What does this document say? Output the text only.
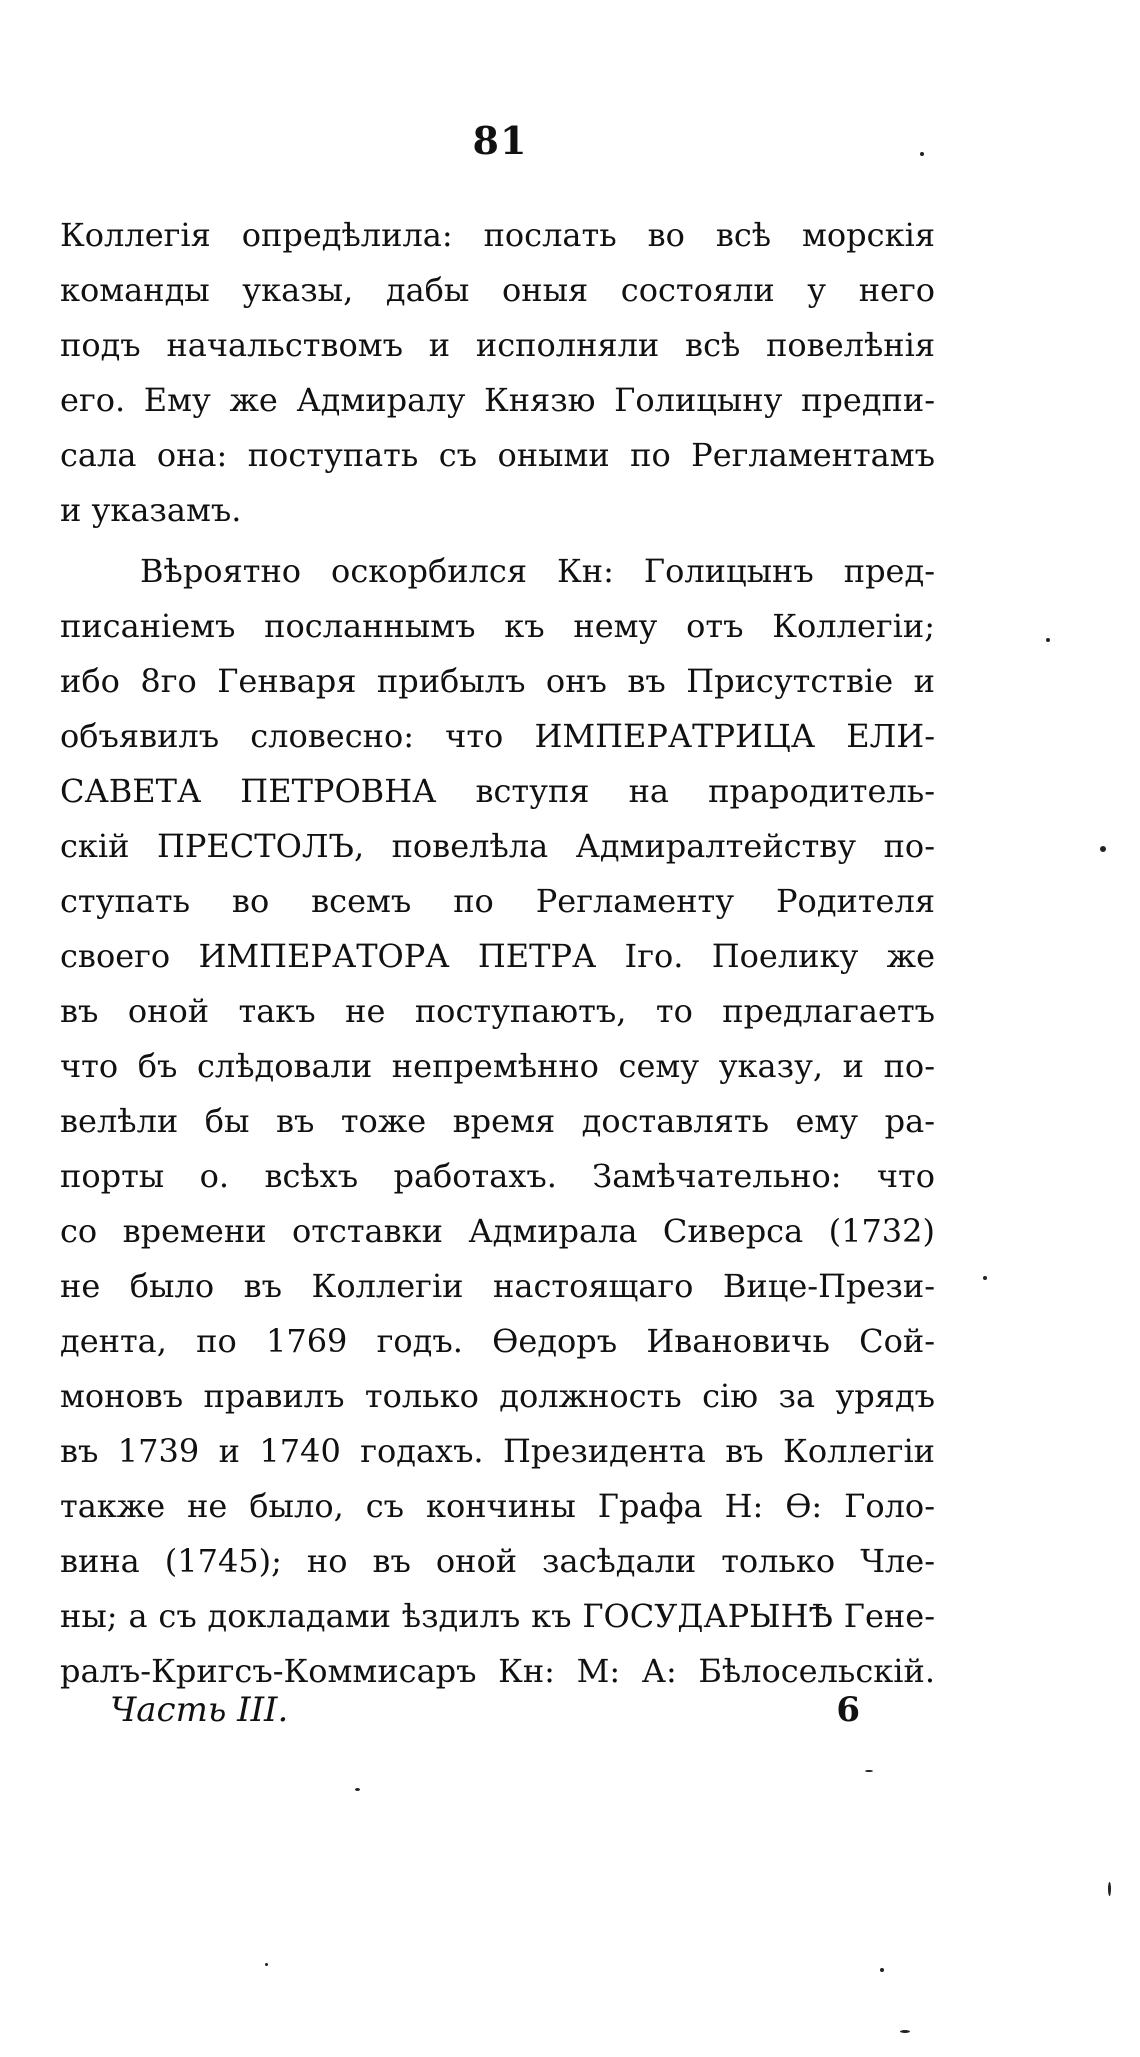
81
Коллегія опредѣлила: послать во всѣ морскія
команды указы, дабы оныя состояли у него
подъ начальствомъ и исполняли всѣ повелѣнія
его. Ему же Адмиралу Князю Голицыну предпи-
сала она: поступать съ оными по Регламентамъ
и указамъ.
Вѣроятно оскорбился Кн: Голицынъ пред-
писаніемъ посланнымъ къ нему отъ Коллегіи;
ибо 8го Генваря прибылъ онъ въ Присутствіе и
объявилъ словесно: что ИМПЕРАТРИЦА ЕЛИ-
САВЕТА ПЕТРОВНА вступя на прародитель-
скій ПРЕСТОЛЪ, повелѣла Адмиралтейству по-
ступать во всемъ по Регламенту Родителя
своего ИМПЕРАТОРА ПЕТРА Іго. Поелику же
въ оной такъ не поступаютъ, то предлагаетъ
что бъ слѣдовали непремѣнно сему указу, и по-
велѣли бы въ тоже время доставлять ему ра-
порты о. всѣхъ работахъ. Замѣчательно: что
со времени отставки Адмирала Сиверса (1732)
не было въ Коллегіи настоящаго Вице-Прези-
дента, по 1769 годъ. Өедоръ Ивановичь Сой-
моновъ правилъ только должность сію за урядъ
въ 1739 и 1740 годахъ. Президента въ Коллегіи
также не было, съ кончины Графа Н: Ө: Голо-
вина (1745); но въ оной засѣдали только Чле-
ны; а съ докладами ѣздилъ къ ГОСУДАРЫНѢ Гене-
ралъ-Кригсъ-Коммисаръ Кн: М: А: Бѣлосельскій.
Часть III.	6
